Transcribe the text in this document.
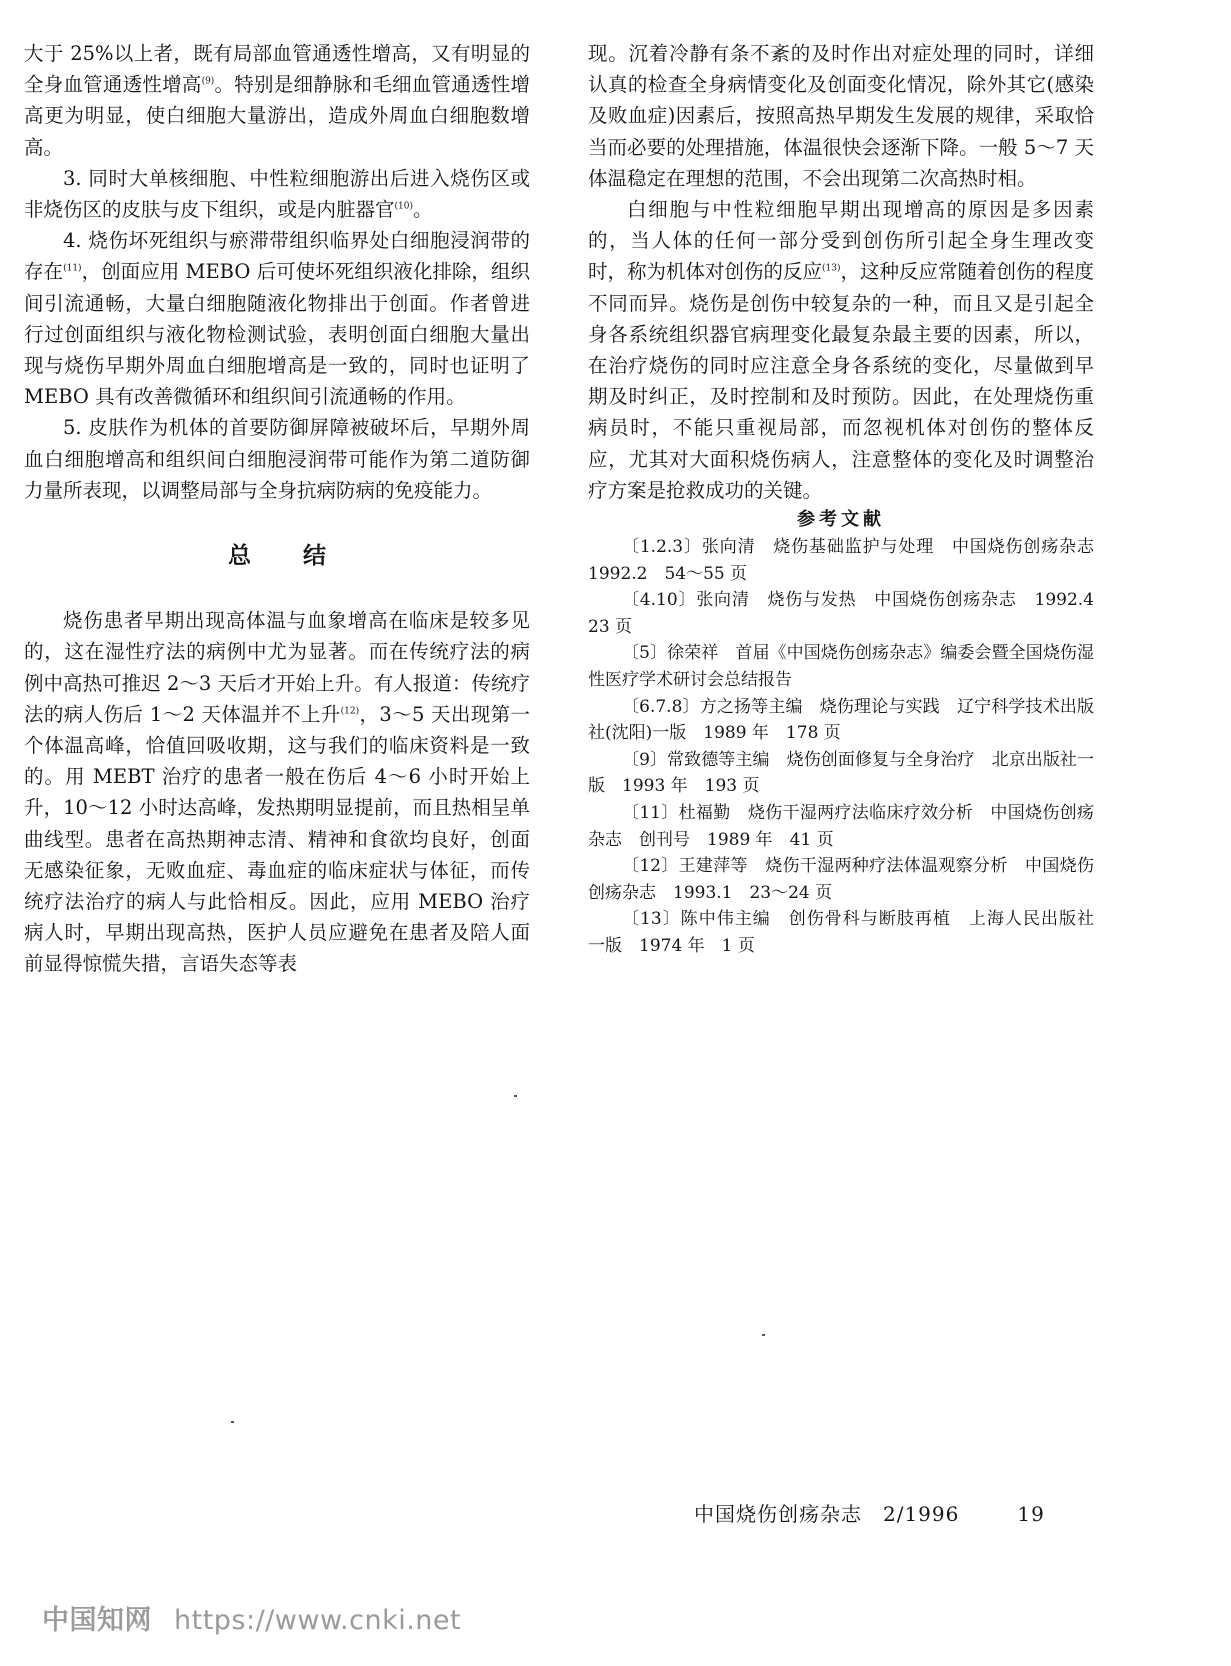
大于 25%以上者，既有局部血管通透性增高，又有明显的全身血管通透性增高$^{(9)}$。特别是细静脉和毛细血管通透性增高更为明显，使白细胞大量游出，造成外周血白细胞数增高。

3. 同时大单核细胞、中性粒细胞游出后进入烧伤区或非烧伤区的皮肤与皮下组织，或是内脏器官$^{(10)}$。

4. 烧伤坏死组织与瘀滞带组织临界处白细胞浸润带的存在$^{(11)}$，创面应用 MEBO 后可使坏死组织液化排除，组织间引流通畅，大量白细胞随液化物排出于创面。作者曾进行过创面组织与液化物检测试验，表明创面白细胞大量出现与烧伤早期外周血白细胞增高是一致的，同时也证明了 MEBO 具有改善微循环和组织间引流通畅的作用。

5. 皮肤作为机体的首要防御屏障被破坏后，早期外周血白细胞增高和组织间白细胞浸润带可能作为第二道防御力量所表现，以调整局部与全身抗病防病的免疫能力。

总结

烧伤患者早期出现高体温与血象增高在临床是较多见的，这在湿性疗法的病例中尤为显著。而在传统疗法的病例中高热可推迟 2～3 天后才开始上升。有人报道：传统疗法的病人伤后 1～2 天体温并不上升$^{(12)}$，3～5 天出现第一个体温高峰，恰值回吸收期，这与我们的临床资料是一致的。用 MEBT 治疗的患者一般在伤后 4～6 小时开始上升，10～12 小时达高峰，发热期明显提前，而且热相呈单曲线型。患者在高热期神志清、精神和食欲均良好，创面无感染征象，无败血症、毒血症的临床症状与体征，而传统疗法治疗的病人与此恰相反。因此，应用 MEBO 治疗病人时，早期出现高热，医护人员应避免在患者及陪人面前显得惊慌失措，言语失态等表

现。沉着冷静有条不紊的及时作出对症处理的同时，详细认真的检查全身病情变化及创面变化情况，除外其它(感染及败血症)因素后，按照高热早期发生发展的规律，采取恰当而必要的处理措施，体温很快会逐渐下降。一般 5～7 天体温稳定在理想的范围，不会出现第二次高热时相。

白细胞与中性粒细胞早期出现增高的原因是多因素的，当人体的任何一部分受到创伤所引起全身生理改变时，称为机体对创伤的反应$^{(13)}$，这种反应常随着创伤的程度不同而异。烧伤是创伤中较复杂的一种，而且又是引起全身各系统组织器官病理变化最复杂最主要的因素，所以，在治疗烧伤的同时应注意全身各系统的变化，尽量做到早期及时纠正，及时控制和及时预防。因此，在处理烧伤重病员时，不能只重视局部，而忽视机体对创伤的整体反应，尤其对大面积烧伤病人，注意整体的变化及时调整治疗方案是抢救成功的关键。

参考文献

〔1.2.3〕张向清　烧伤基础监护与处理　中国烧伤创疡杂志　1992.2　54～55 页

〔4.10〕张向清　烧伤与发热　中国烧伤创疡杂志　1992.4　23 页

〔5〕徐荣祥　首届《中国烧伤创疡杂志》编委会暨全国烧伤湿性医疗学术研讨会总结报告

〔6.7.8〕方之扬等主编　烧伤理论与实践　辽宁科学技术出版社(沈阳)一版　1989 年　178 页

〔9〕常致德等主编　烧伤创面修复与全身治疗　北京出版社一版　1993 年　193 页

〔11〕杜福勤　烧伤干湿两疗法临床疗效分析　中国烧伤创疡杂志　创刊号　1989 年　41 页

〔12〕王建萍等　烧伤干湿两种疗法体温观察分析　中国烧伤创疡杂志　1993.1　23～24 页

〔13〕陈中伟主编　创伤骨科与断肢再植　上海人民出版社　一版　1974 年　1 页

中国烧伤创疡杂志　2/1996	19
中国知网 https://www.cnki.net
